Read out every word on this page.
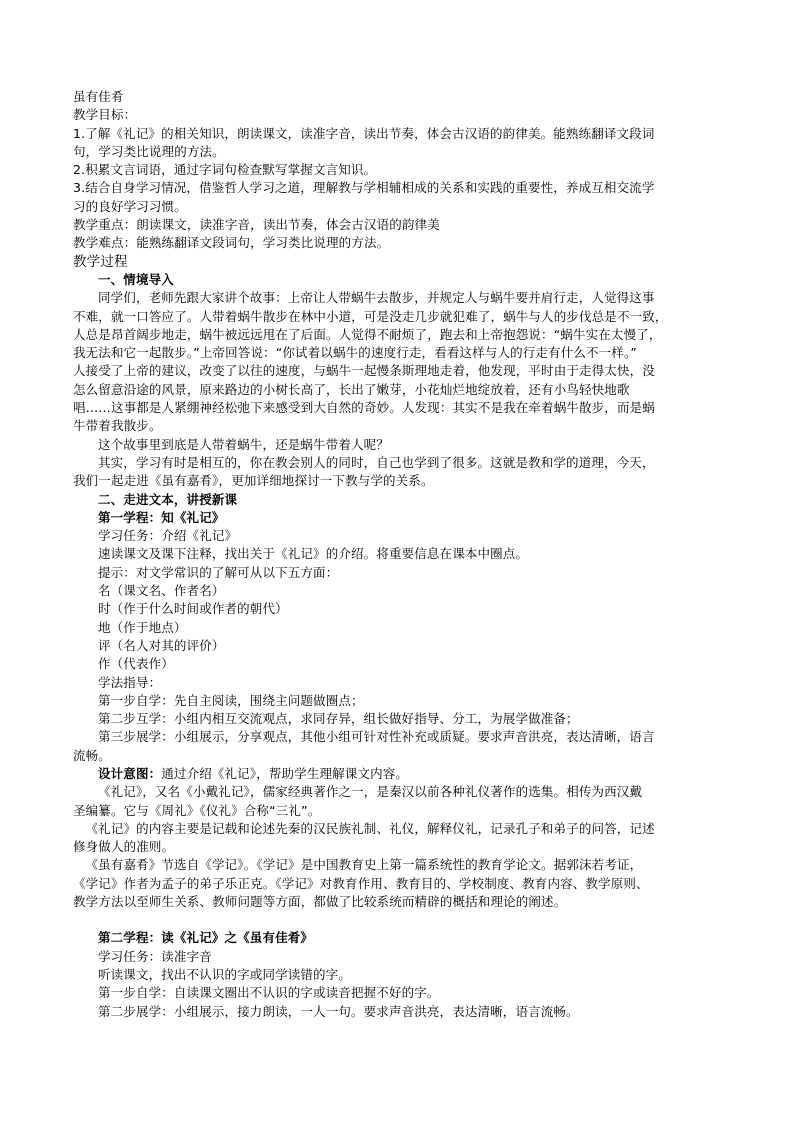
虽有佳肴
教学目标：
1.了解《礼记》的相关知识，朗读课文，读准字音，读出节奏，体会古汉语的韵律美。能熟练翻译文段词
句，学习类比说理的方法。
2.积累文言词语，通过字词句检查默写掌握文言知识。
3.结合自身学习情况，借鉴哲人学习之道，理解教与学相辅相成的关系和实践的重要性，养成互相交流学
习的良好学习习惯。
教学重点：朗读课文，读准字音，读出节奏，体会古汉语的韵律美
教学难点：能熟练翻译文段词句，学习类比说理的方法。
教学过程
一、情境导入
同学们，老师先跟大家讲个故事：上帝让人带蜗牛去散步，并规定人与蜗牛要并肩行走，人觉得这事
不难，就一口答应了。人带着蜗牛散步在林中小道，可是没走几步就犯难了，蜗牛与人的步伐总是不一致，
人总是昂首阔步地走，蜗牛被远远甩在了后面。人觉得不耐烦了，跑去和上帝抱怨说：“蜗牛实在太慢了，
我无法和它一起散步。”上帝回答说：“你试着以蜗牛的速度行走，看看这样与人的行走有什么不一样。”
人接受了上帝的建议，改变了以往的速度，与蜗牛一起慢条斯理地走着，他发现，平时由于走得太快，没
怎么留意沿途的风景，原来路边的小树长高了，长出了嫩芽，小花灿烂地绽放着，还有小鸟轻快地歌
唱……这事都是人紧绷神经松弛下来感受到大自然的奇妙。人发现：其实不是我在牵着蜗牛散步，而是蜗
牛带着我散步。
这个故事里到底是人带着蜗牛，还是蜗牛带着人呢？
其实，学习有时是相互的，你在教会别人的同时，自己也学到了很多。这就是教和学的道理，今天，
我们一起走进《虽有嘉肴》，更加详细地探讨一下教与学的关系。
二、走进文本，讲授新课
第一学程：知《礼记》
学习任务：介绍《礼记》
速读课文及课下注释，找出关于《礼记》的介绍。将重要信息在课本中圈点。
提示：对文学常识的了解可从以下五方面：
名（课文名、作者名）
时（作于什么时间或作者的朝代）
地（作于地点）
评（名人对其的评价）
作（代表作）
学法指导：
第一步自学：先自主阅读，围绕主问题做圈点；
第二步互学：小组内相互交流观点，求同存异，组长做好指导、分工，为展学做准备；
第三步展学：小组展示，分享观点，其他小组可针对性补充或质疑。要求声音洪亮，表达清晰，语言
流畅。
设计意图：通过介绍《礼记》，帮助学生理解课文内容。
《礼记》，又名《小戴礼记》，儒家经典著作之一，是秦汉以前各种礼仪著作的选集。相传为西汉戴
圣编纂。它与《周礼》《仪礼》合称“三礼”。
《礼记》的内容主要是记载和论述先秦的汉民族礼制、礼仪，解释仪礼，记录孔子和弟子的问答，记述
修身做人的准则。
《虽有嘉肴》节选自《学记》。《学记》是中国教育史上第一篇系统性的教育学论文。据郭沫若考证，
《学记》作者为孟子的弟子乐正克。《学记》对教育作用、教育目的、学校制度、教育内容、教学原则、
教学方法以至师生关系、教师问题等方面，都做了比较系统而精辟的概括和理论的阐述。
第二学程：读《礼记》之《虽有佳肴》
学习任务：读准字音
听读课文，找出不认识的字或同学读错的字。
第一步自学：自读课文圈出不认识的字或读音把握不好的字。
第二步展学：小组展示，接力朗读，一人一句。要求声音洪亮，表达清晰，语言流畅。
